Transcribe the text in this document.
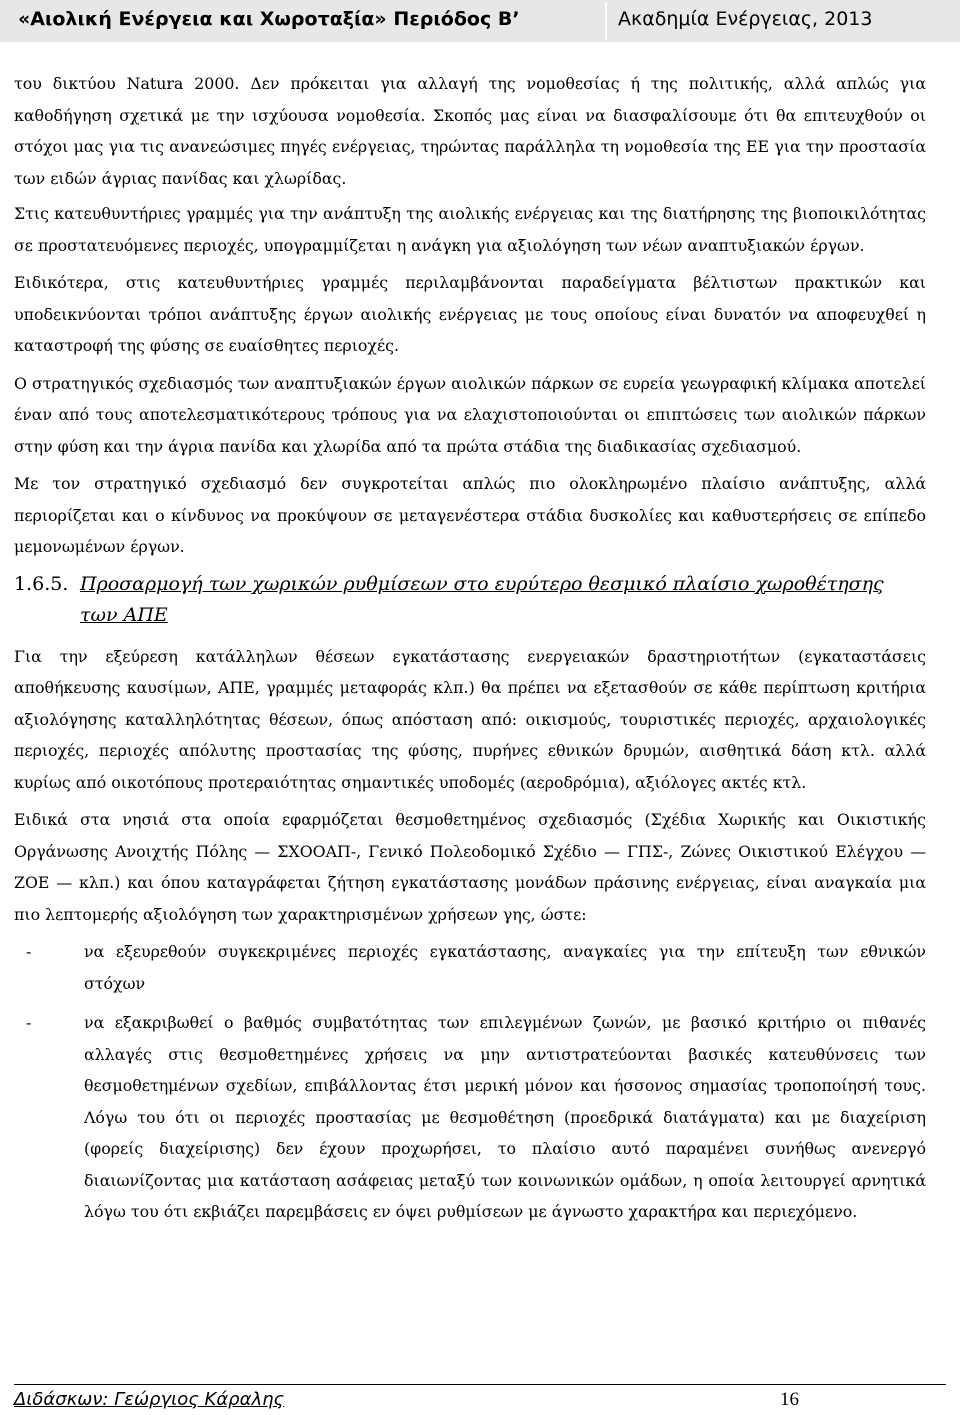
«Αιολική Ενέργεια και Χωροταξία» Περιόδος Β’	Ακαδημία Ενέργειας, 2013

του δικτύου Natura 2000. Δεν πρόκειται για αλλαγή της νομοθεσίας ή της πολιτικής, αλλά απλώς για καθοδήγηση σχετικά με την ισχύουσα νομοθεσία. Σκοπός μας είναι να διασφαλίσουμε ότι θα επιτευχθούν οι στόχοι μας για τις ανανεώσιμες πηγές ενέργειας, τηρώντας παράλληλα τη νομοθεσία της ΕΕ για την προστασία των ειδών άγριας πανίδας και χλωρίδας.

Στις κατευθυντήριες γραμμές για την ανάπτυξη της αιολικής ενέργειας και της διατήρησης της βιοποικιλότητας σε προστατευόμενες περιοχές, υπογραμμίζεται η ανάγκη για αξιολόγηση των νέων αναπτυξιακών έργων.

Ειδικότερα, στις κατευθυντήριες γραμμές περιλαμβάνονται παραδείγματα βέλτιστων πρακτικών και υποδεικνύονται τρόποι ανάπτυξης έργων αιολικής ενέργειας με τους οποίους είναι δυνατόν να αποφευχθεί η καταστροφή της φύσης σε ευαίσθητες περιοχές.

Ο στρατηγικός σχεδιασμός των αναπτυξιακών έργων αιολικών πάρκων σε ευρεία γεωγραφική κλίμακα αποτελεί έναν από τους αποτελεσματικότερους τρόπους για να ελαχιστοποιούνται οι επιπτώσεις των αιολικών πάρκων στην φύση και την άγρια πανίδα και χλωρίδα από τα πρώτα στάδια της διαδικασίας σχεδιασμού.

Με τον στρατηγικό σχεδιασμό δεν συγκροτείται απλώς πιο ολοκληρωμένο πλαίσιο ανάπτυξης, αλλά περιορίζεται και ο κίνδυνος να προκύψουν σε μεταγενέστερα στάδια δυσκολίες και καθυστερήσεις σε επίπεδο μεμονωμένων έργων.

1.6.5. Προσαρμογή των χωρικών ρυθμίσεων στο ευρύτερο θεσμικό πλαίσιο χωροθέτησης των ΑΠΕ

Για την εξεύρεση κατάλληλων θέσεων εγκατάστασης ενεργειακών δραστηριοτήτων (εγκαταστάσεις αποθήκευσης καυσίμων, ΑΠΕ, γραμμές μεταφοράς κλπ.) θα πρέπει να εξετασθούν σε κάθε περίπτωση κριτήρια αξιολόγησης καταλληλότητας θέσεων, όπως απόσταση από: οικισμούς, τουριστικές περιοχές, αρχαιολογικές περιοχές, περιοχές απόλυτης προστασίας της φύσης, πυρήνες εθνικών δρυμών, αισθητικά δάση κτλ. αλλά κυρίως από οικοτόπους προτεραιότητας σημαντικές υποδομές (αεροδρόμια), αξιόλογες ακτές κτλ.

Ειδικά στα νησιά στα οποία εφαρμόζεται θεσμοθετημένος σχεδιασμός (Σχέδια Χωρικής και Οικιστικής Οργάνωσης Ανοιχτής Πόλης — ΣΧΟΟΑΠ-, Γενικό Πολεοδομικό Σχέδιο — ΓΠΣ-, Ζώνες Οικιστικού Ελέγχου — ΖΟΕ — κλπ.) και όπου καταγράφεται ζήτηση εγκατάστασης μονάδων πράσινης ενέργειας, είναι αναγκαία μια πιο λεπτομερής αξιολόγηση των χαρακτηρισμένων χρήσεων γης, ώστε:

-	να εξευρεθούν συγκεκριμένες περιοχές εγκατάστασης, αναγκαίες για την επίτευξη των εθνικών στόχων
-	να εξακριβωθεί ο βαθμός συμβατότητας των επιλεγμένων ζωνών, με βασικό κριτήριο οι πιθανές αλλαγές στις θεσμοθετημένες χρήσεις να μην αντιστρατεύονται βασικές κατευθύνσεις των θεσμοθετημένων σχεδίων, επιβάλλοντας έτσι μερική μόνον και ήσσονος σημασίας τροποποίησή τους. Λόγω του ότι οι περιοχές προστασίας με θεσμοθέτηση (προεδρικά διατάγματα) και με διαχείριση (φορείς διαχείρισης) δεν έχουν προχωρήσει, το πλαίσιο αυτό παραμένει συνήθως ανενεργό διαιωνίζοντας μια κατάσταση ασάφειας μεταξύ των κοινωνικών ομάδων, η οποία λειτουργεί αρνητικά λόγω του ότι εκβιάζει παρεμβάσεις εν όψει ρυθμίσεων με άγνωστο χαρακτήρα και περιεχόμενο.
Διδάσκων: Γεώργιος Κάραλης	16
